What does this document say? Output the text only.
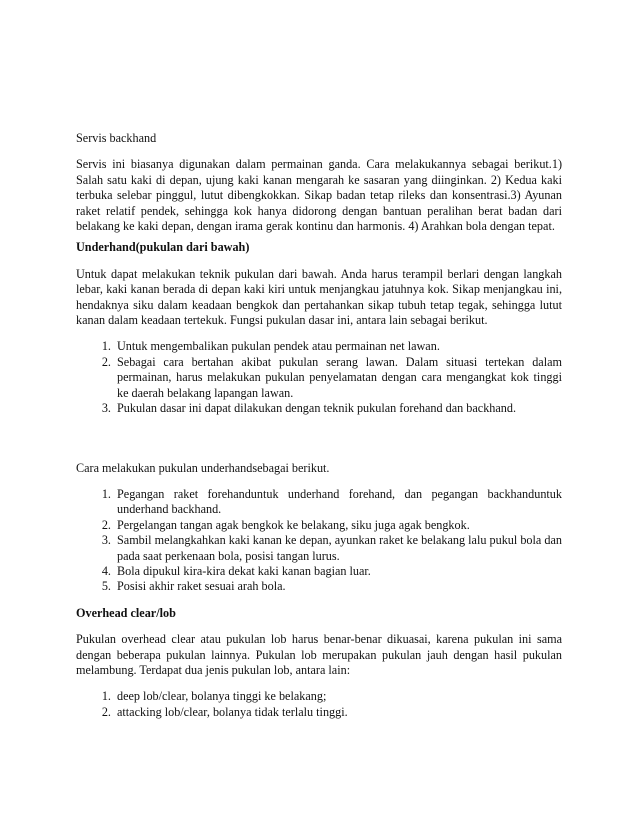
Servis backhand

Servis ini biasanya digunakan dalam permainan ganda. Cara melakukannya sebagai berikut.1) Salah satu kaki di depan, ujung kaki kanan mengarah ke sasaran yang diinginkan. 2) Kedua kaki terbuka selebar pinggul, lutut dibengkokkan. Sikap badan tetap rileks dan konsentrasi.3) Ayunan raket relatif pendek, sehingga kok hanya didorong dengan bantuan peralihan berat badan dari belakang ke kaki depan, dengan irama gerak kontinu dan harmonis. 4) Arahkan bola dengan tepat.

Underhand(pukulan dari bawah)

Untuk dapat melakukan teknik pukulan dari bawah. Anda harus terampil berlari dengan langkah lebar, kaki kanan berada di depan kaki kiri untuk menjangkau jatuhnya kok. Sikap menjangkau ini, hendaknya siku dalam keadaan bengkok dan pertahankan sikap tubuh tetap tegak, sehingga lutut kanan dalam keadaan tertekuk. Fungsi pukulan dasar ini, antara lain sebagai berikut.

1. Untuk mengembalikan pukulan pendek atau permainan net lawan.
2. Sebagai cara bertahan akibat pukulan serang lawan. Dalam situasi tertekan dalam permainan, harus melakukan pukulan penyelamatan dengan cara mengangkat kok tinggi ke daerah belakang lapangan lawan.
3. Pukulan dasar ini dapat dilakukan dengan teknik pukulan forehand dan backhand.

Cara melakukan pukulan underhandsebagai berikut.

1. Pegangan raket forehanduntuk underhand forehand, dan pegangan backhanduntuk underhand backhand.
2. Pergelangan tangan agak bengkok ke belakang, siku juga agak bengkok.
3. Sambil melangkahkan kaki kanan ke depan, ayunkan raket ke belakang lalu pukul bola dan pada saat perkenaan bola, posisi tangan lurus.
4. Bola dipukul kira-kira dekat kaki kanan bagian luar.
5. Posisi akhir raket sesuai arah bola.

Overhead clear/lob

Pukulan overhead clear atau pukulan lob harus benar-benar dikuasai, karena pukulan ini sama dengan beberapa pukulan lainnya. Pukulan lob merupakan pukulan jauh dengan hasil pukulan melambung. Terdapat dua jenis pukulan lob, antara lain:

1. deep lob/clear, bolanya tinggi ke belakang;
2. attacking lob/clear, bolanya tidak terlalu tinggi.
